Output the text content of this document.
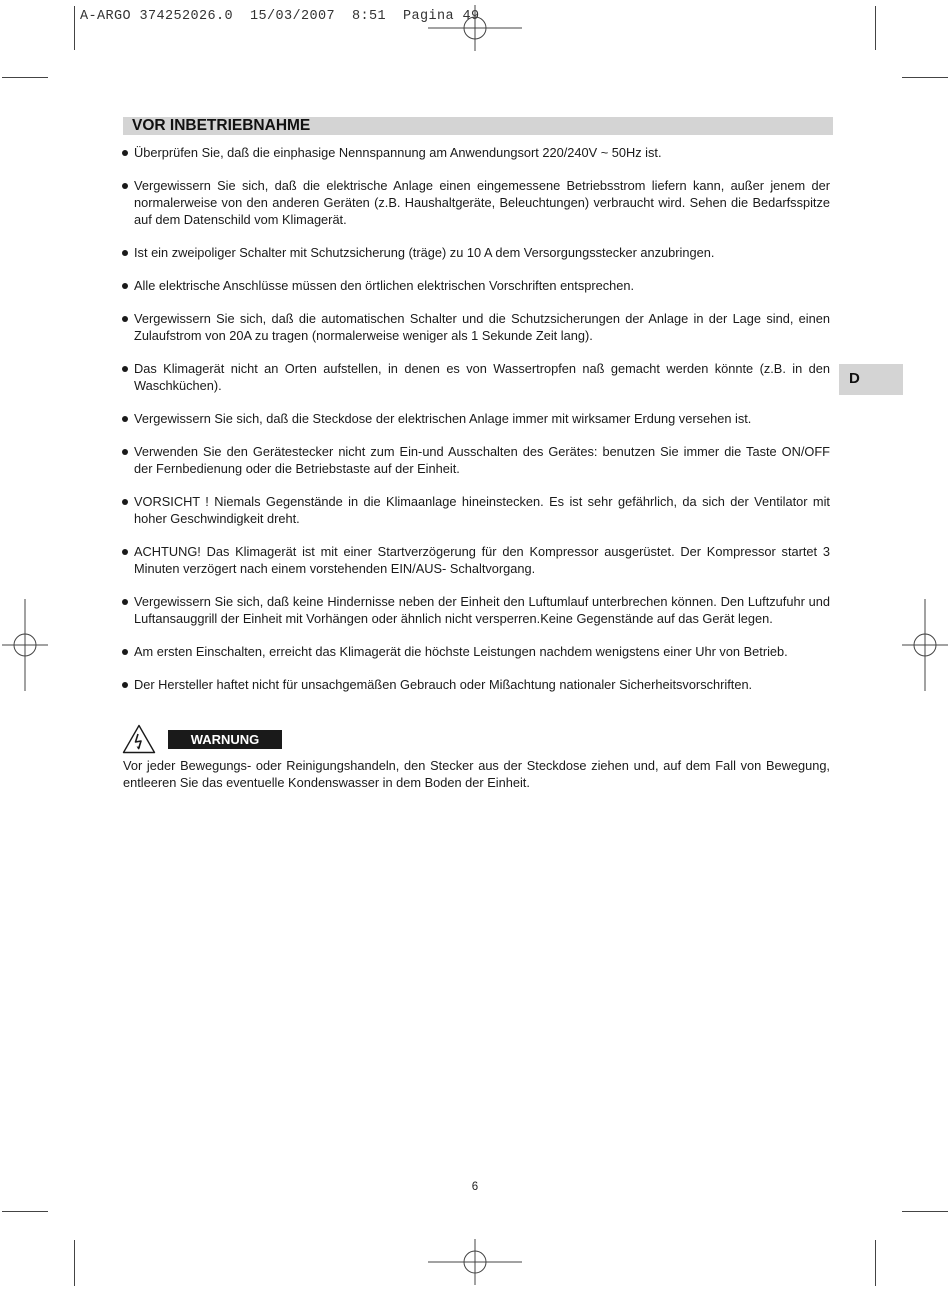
A-ARGO 374252026.0  15/03/2007  8:51  Pagina 49
VOR INBETRIEBNAHME
Überprüfen Sie, daß die einphasige Nennspannung am Anwendungsort 220/240V ~ 50Hz ist.
Vergewissern Sie sich, daß die elektrische Anlage einen eingemessene Betriebsstrom liefern kann, außer jenem der normalerweise von den anderen Geräten (z.B. Haushaltgeräte, Beleuchtungen) verbraucht wird. Sehen die Bedarfsspitze auf dem Datenschild vom Klimagerät.
Ist ein zweipoliger Schalter mit Schutzsicherung (träge) zu 10 A dem Versorgungsstecker anzubringen.
Alle elektrische Anschlüsse müssen den örtlichen elektrischen Vorschriften entsprechen.
Vergewissern Sie sich, daß die automatischen Schalter und die Schutzsicherungen der Anlage in der Lage sind, einen Zulaufstrom von 20A zu tragen (normalerweise weniger als 1 Sekunde Zeit lang).
Das Klimagerät nicht an Orten aufstellen, in denen es von Wassertropfen naß gemacht werden könnte (z.B. in den Waschküchen).
Vergewissern Sie sich, daß die Steckdose der elektrischen Anlage immer mit wirksamer Erdung versehen ist.
Verwenden Sie den Gerätestecker nicht zum Ein-und Ausschalten des Gerätes: benutzen Sie immer die Taste ON/OFF der Fernbedienung oder die Betriebstaste auf der Einheit.
VORSICHT ! Niemals Gegenstände in die Klimaanlage hineinstecken. Es ist sehr gefährlich, da sich der Ventilator mit hoher Geschwindigkeit dreht.
ACHTUNG! Das Klimagerät ist mit einer Startverzögerung für den Kompressor ausgerüstet. Der Kompressor startet 3 Minuten verzögert nach einem vorstehenden EIN/AUS- Schaltvorgang.
Vergewissern Sie sich, daß keine Hindernisse neben der Einheit den Luftumlauf unterbrechen können. Den Luftzufuhr und Luftansauggrill der Einheit mit Vorhängen oder ähnlich nicht versperren.Keine Gegenstände auf das Gerät legen.
Am ersten Einschalten, erreicht das Klimagerät die höchste Leistungen nachdem wenigstens einer Uhr von Betrieb.
Der Hersteller haftet nicht für unsachgemäßen Gebrauch oder Mißachtung nationaler Sicherheitsvorschriften.
D
WARNUNG
Vor jeder Bewegungs- oder Reinigungshandeln, den Stecker aus der Steckdose ziehen und, auf dem Fall von Bewegung, entleeren Sie das eventuelle Kondenswasser in dem Boden der Einheit.
6
